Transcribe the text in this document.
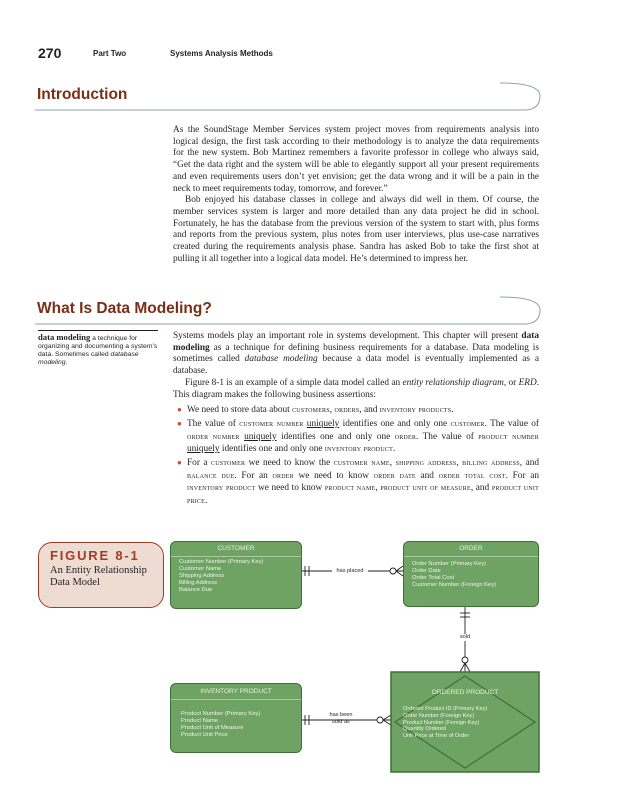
270	Part Two	Systems Analysis Methods
Introduction

As the SoundStage Member Services system project moves from requirements analysis into logical design, the first task according to their methodology is to analyze the data requirements for the new system. Bob Martinez remembers a favorite professor in college who always said, “Get the data right and the system will be able to elegantly support all your present requirements and even requirements users don’t yet envision; get the data wrong and it will be a pain in the neck to meet requirements today, tomorrow, and forever.”

Bob enjoyed his database classes in college and always did well in them. Of course, the member services system is larger and more detailed than any data project he did in school. Fortunately, he has the database from the previous version of the system to start with, plus forms and reports from the previous system, plus notes from user interviews, plus use-case narratives created during the requirements analysis phase. Sandra has asked Bob to take the first shot at pulling it all together into a logical data model. He’s determined to impress her.

What Is Data Modeling?
data modeling a technique for organizing and documenting a system’s data. Sometimes called database modeling.

Systems models play an important role in systems development. This chapter will present data modeling as a technique for defining business requirements for a database. Data modeling is sometimes called database modeling because a data model is eventually implemented as a database.

Figure 8-1 is an example of a simple data model called an entity relationship diagram, or ERD. This diagram makes the following business assertions:

● We need to store data about customers, orders, and inventory products.
● The value of customer number uniquely identifies one and only one customer. The value of order number uniquely identifies one and only one order. The value of product number uniquely identifies one and only one inventory product.
● For a customer we need to know the customer name, shipping address, billing address, and balance due. For an order we need to know order date and order total cost. For an inventory product we need to know product name, product unit of measure, and product unit price.
FIGURE 8-1
An Entity Relationship Data Model
CUSTOMER
Customer Number (Primary Key)
Customer Name
Shipping Address
Billing Address
Balance Due
ORDER
Order Number (Primary Key)
Order Date
Order Total Cost
Customer Number (Foreign Key)
INVENTORY PRODUCT
Product Number (Primary Key)
Product Name
Product Unit of Measure
Product Unit Price
ORDERED PRODUCT
Ordered Product ID (Primary Key)
Order Number (Foreign Key)
Product Number (Foreign Key)
Quantity Ordered
Unit Price at Time of Order
has placed
sold
has been
sold as
